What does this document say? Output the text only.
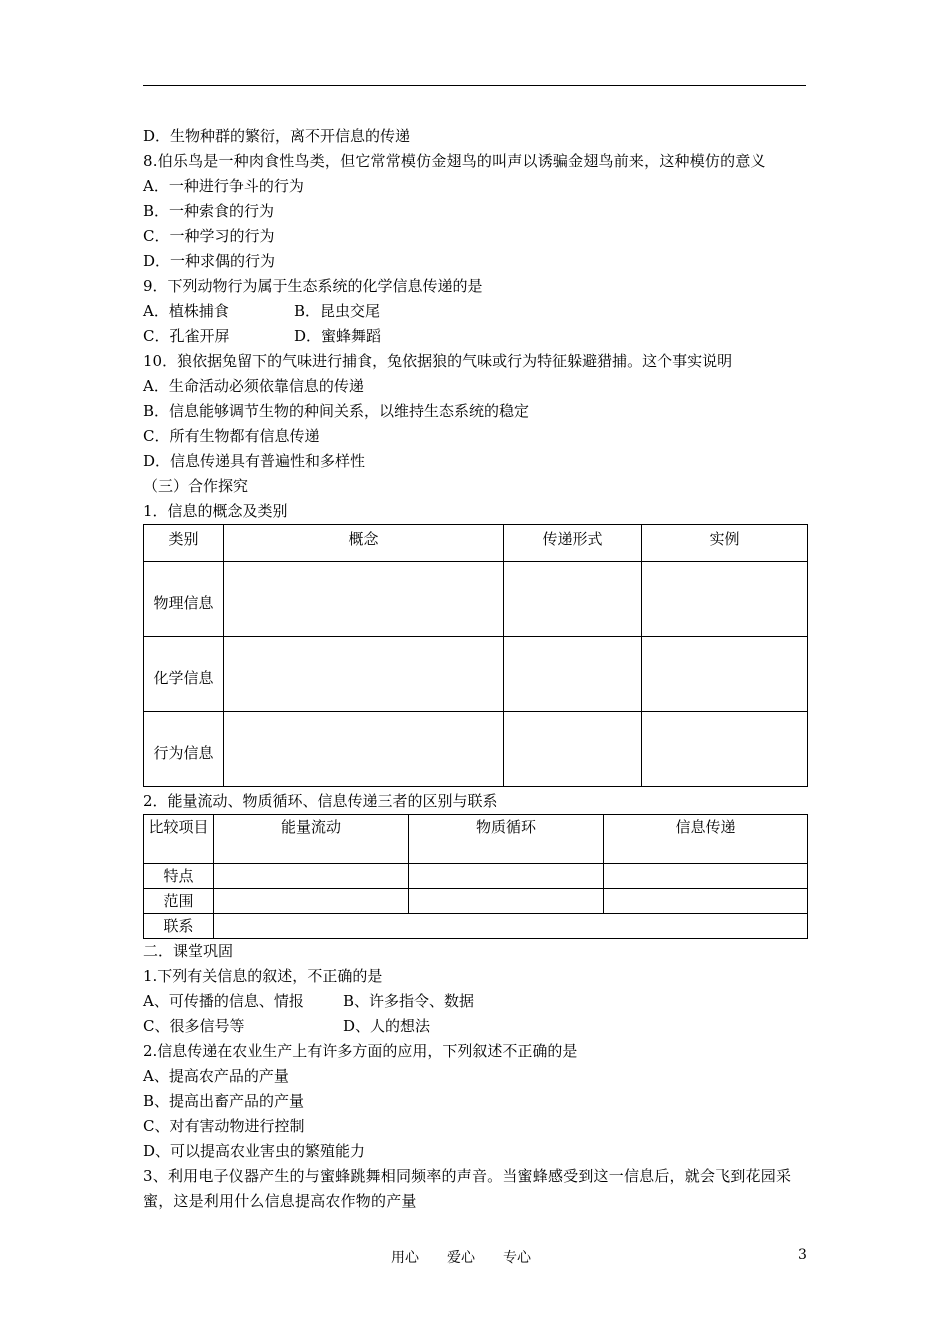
D．生物种群的繁衍，离不开信息的传递
8.伯乐鸟是一种肉食性鸟类，但它常常模仿金翅鸟的叫声以诱骗金翅鸟前来，这种模仿的意义
A．一种进行争斗的行为
B．一种索食的行为
C．一种学习的行为
D．一种求偶的行为
9．下列动物行为属于生态系统的化学信息传递的是
A．植株捕食	B．昆虫交尾
C．孔雀开屏	D．蜜蜂舞蹈
10．狼依据兔留下的气味进行捕食，兔依据狼的气味或行为特征躲避猎捕。这个事实说明
A．生命活动必须依靠信息的传递
B．信息能够调节生物的种间关系，以维持生态系统的稳定
C．所有生物都有信息传递
D．信息传递具有普遍性和多样性
（三）合作探究
1．信息的概念及类别
类别	概念	传递形式	实例
物理信息			
化学信息			
行为信息			
2．能量流动、物质循环、信息传递三者的区别与联系
比较项目	能量流动	物质循环	信息传递
特点			
范围			
联系			
二．课堂巩固
1.下列有关信息的叙述，不正确的是
A、可传播的信息、情报	B、许多指令、数据
C、很多信号等	D、人的想法
2.信息传递在农业生产上有许多方面的应用，下列叙述不正确的是
A、提高农产品的产量
B、提高出畜产品的产量
C、对有害动物进行控制
D、可以提高农业害虫的繁殖能力
3、利用电子仪器产生的与蜜蜂跳舞相同频率的声音。当蜜蜂感受到这一信息后，就会飞到花园采蜜，这是利用什么信息提高农作物的产量
用心　　爱心　　专心	3
